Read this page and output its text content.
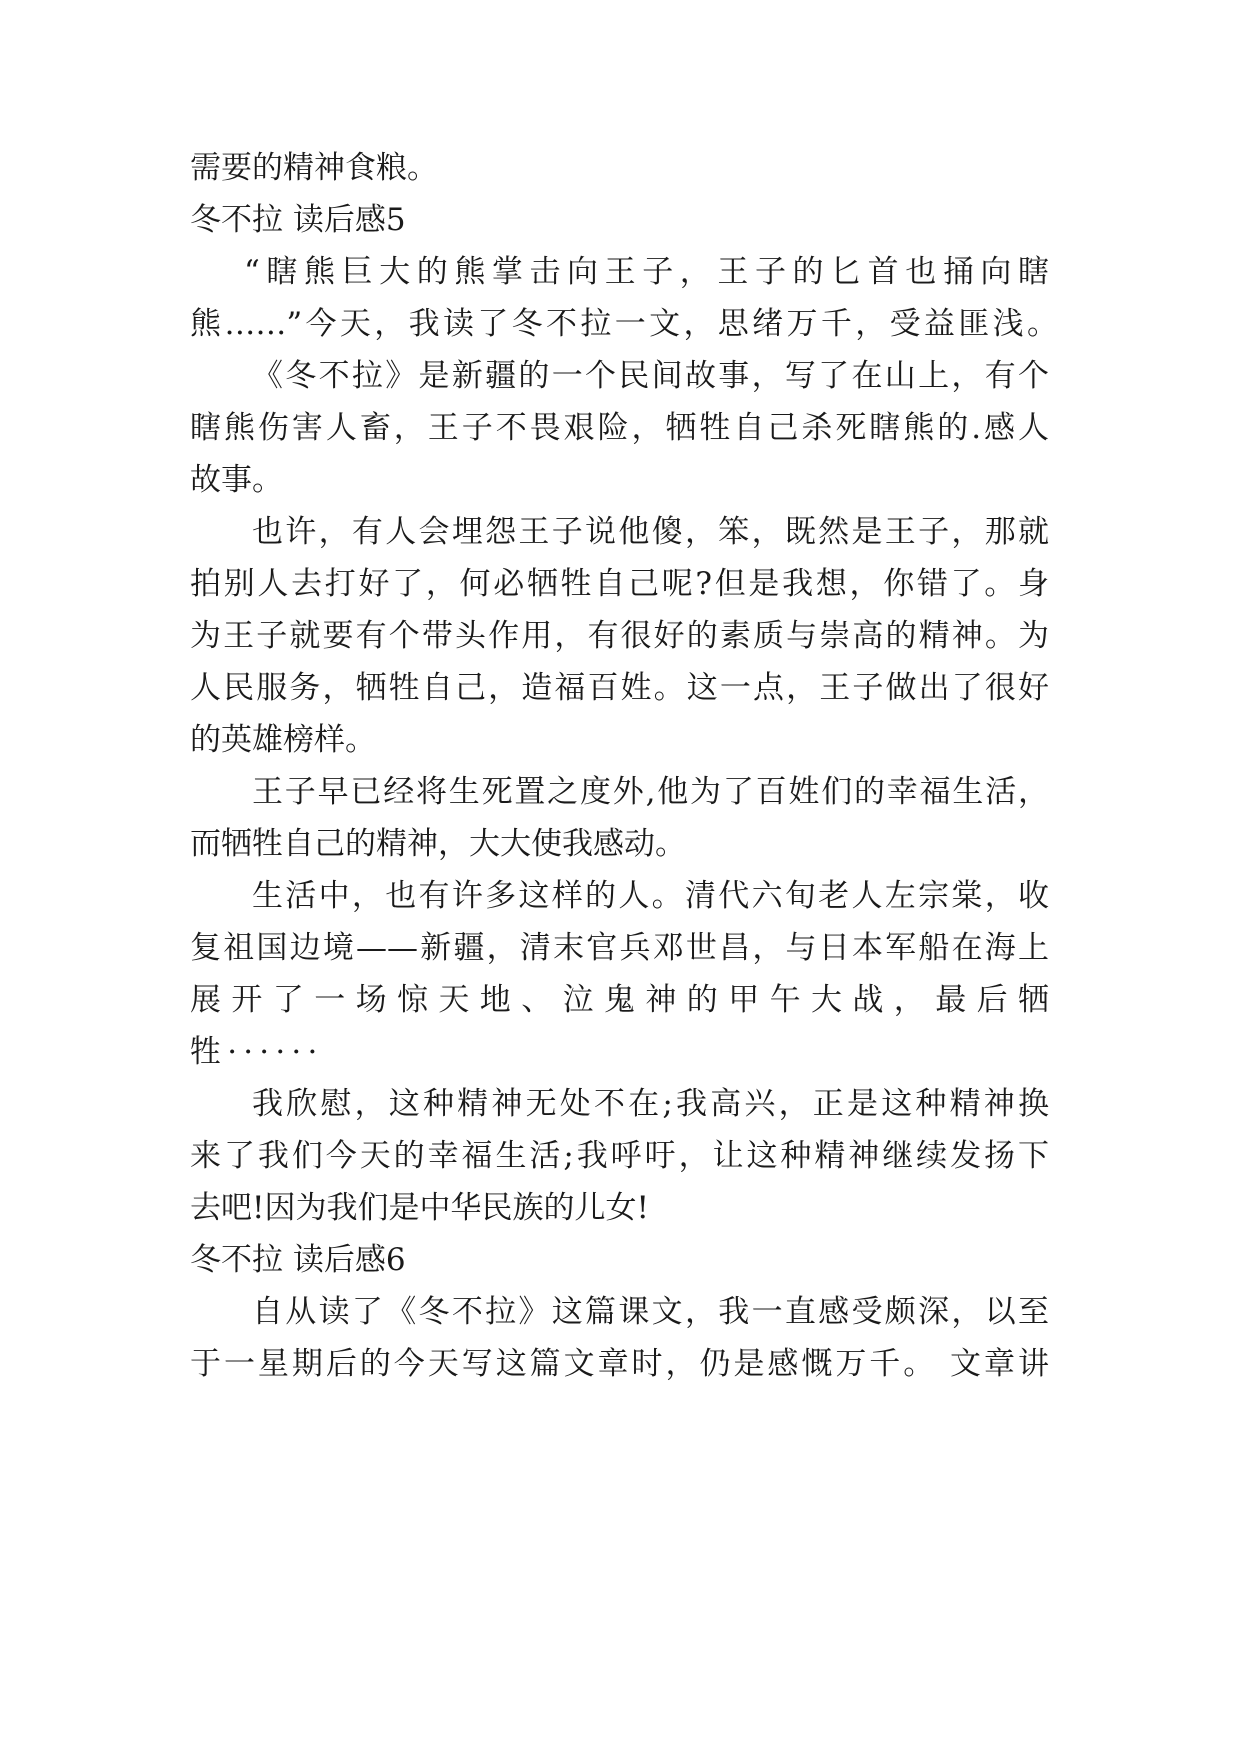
需要的精神食粮。

冬不拉 读后感5

“瞎熊巨大的熊掌击向王子，王子的匕首也捅向瞎

熊……”今天，我读了冬不拉一文，思绪万千，受益匪浅。

《冬不拉》是新疆的一个民间故事，写了在山上，有个

瞎熊伤害人畜，王子不畏艰险，牺牲自己杀死瞎熊的.感人

故事。

也许，有人会埋怨王子说他傻，笨，既然是王子，那就

拍别人去打好了，何必牺牲自己呢?但是我想，你错了。身

为王子就要有个带头作用，有很好的素质与崇高的精神。为

人民服务，牺牲自己，造福百姓。这一点，王子做出了很好

的英雄榜样。

王子早已经将生死置之度外,他为了百姓们的幸福生活，

而牺牲自己的精神，大大使我感动。

生活中，也有许多这样的人。清代六旬老人左宗棠，收

复祖国边境——新疆，清末官兵邓世昌，与日本军船在海上

展开了一场惊天地、泣鬼神的甲午大战，最后牺

牲······

我欣慰，这种精神无处不在;我高兴，正是这种精神换

来了我们今天的幸福生活;我呼吁，让这种精神继续发扬下

去吧!因为我们是中华民族的儿女!

冬不拉 读后感6

自从读了《冬不拉》这篇课文，我一直感受颇深，以至

于一星期后的今天写这篇文章时，仍是感慨万千。 文章讲
